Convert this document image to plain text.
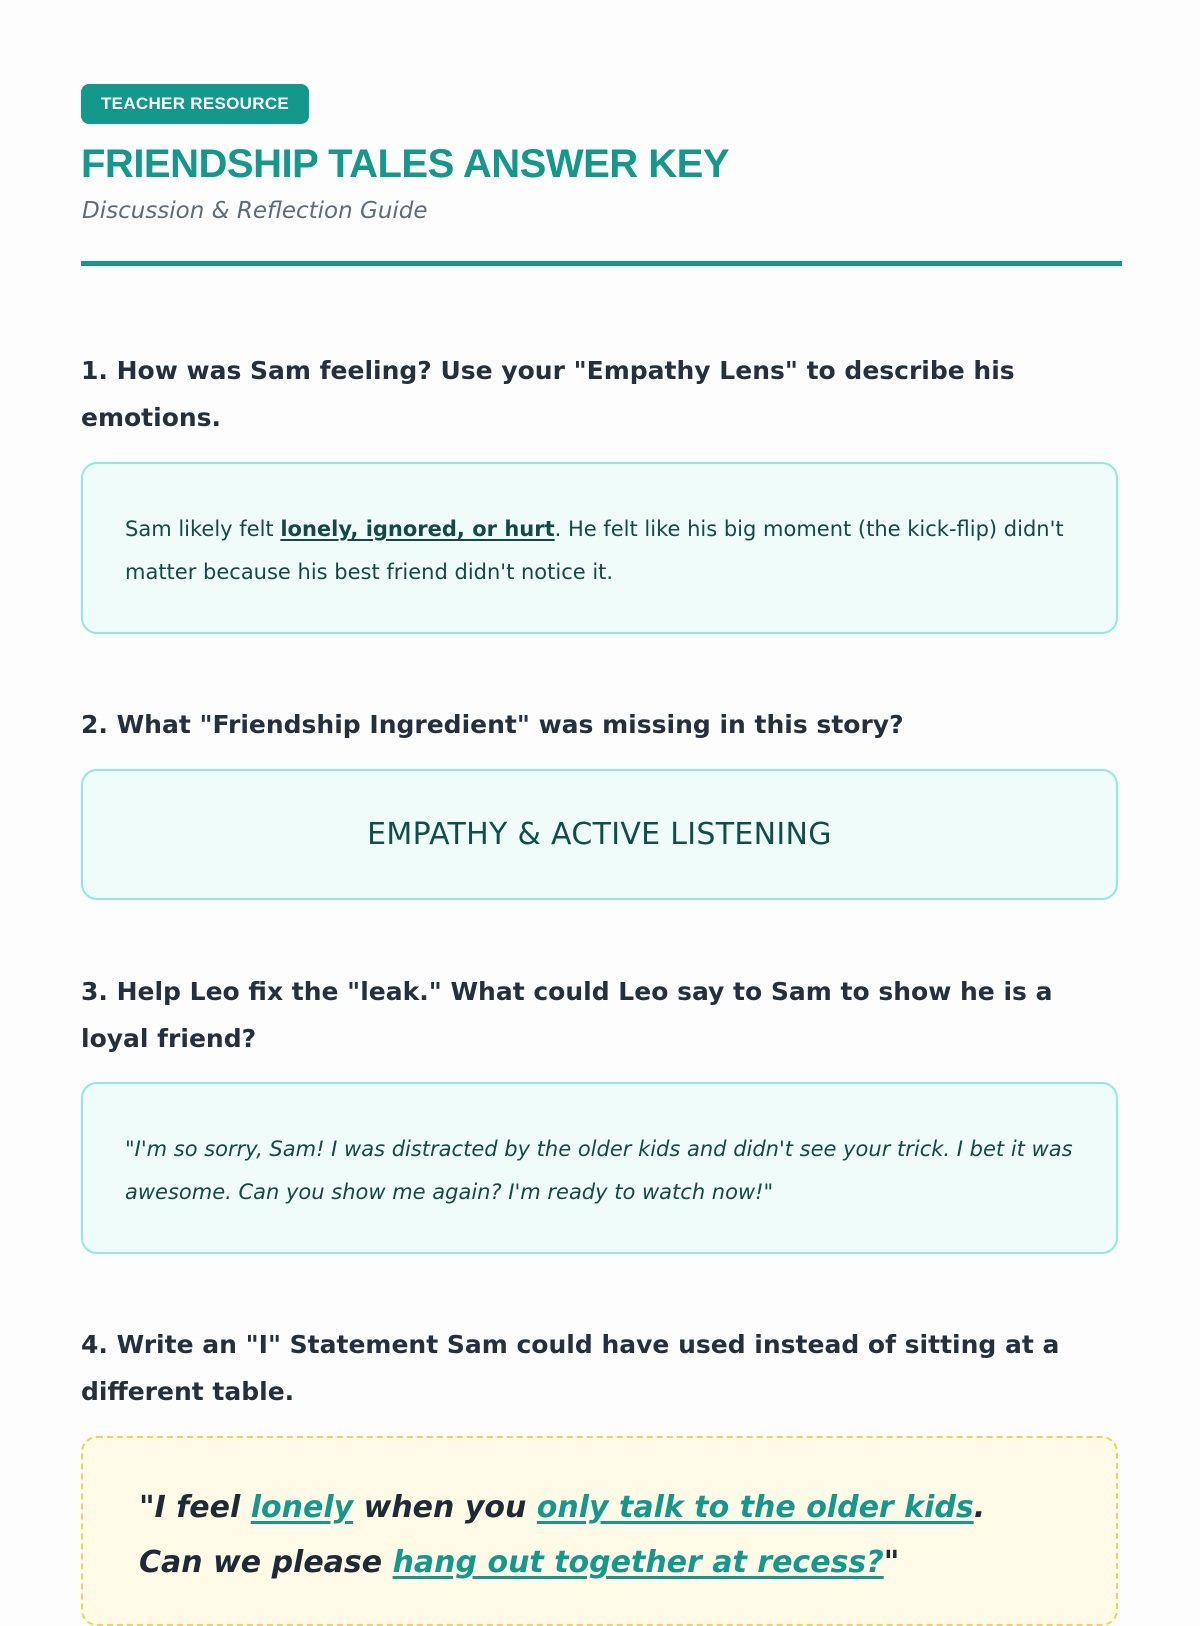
TEACHER RESOURCE
FRIENDSHIP TALES ANSWER KEY
Discussion & Reflection Guide

1. How was Sam feeling? Use your "Empathy Lens" to describe his emotions.

Sam likely felt lonely, ignored, or hurt. He felt like his big moment (the kick-flip) didn't matter because his best friend didn't notice it.

2. What "Friendship Ingredient" was missing in this story?

EMPATHY & ACTIVE LISTENING

3. Help Leo fix the "leak." What could Leo say to Sam to show he is a loyal friend?

"I'm so sorry, Sam! I was distracted by the older kids and didn't see your trick. I bet it was awesome. Can you show me again? I'm ready to watch now!"

4. Write an "I" Statement Sam could have used instead of sitting at a different table.

"I feel lonely when you only talk to the older kids.
Can we please hang out together at recess?"
